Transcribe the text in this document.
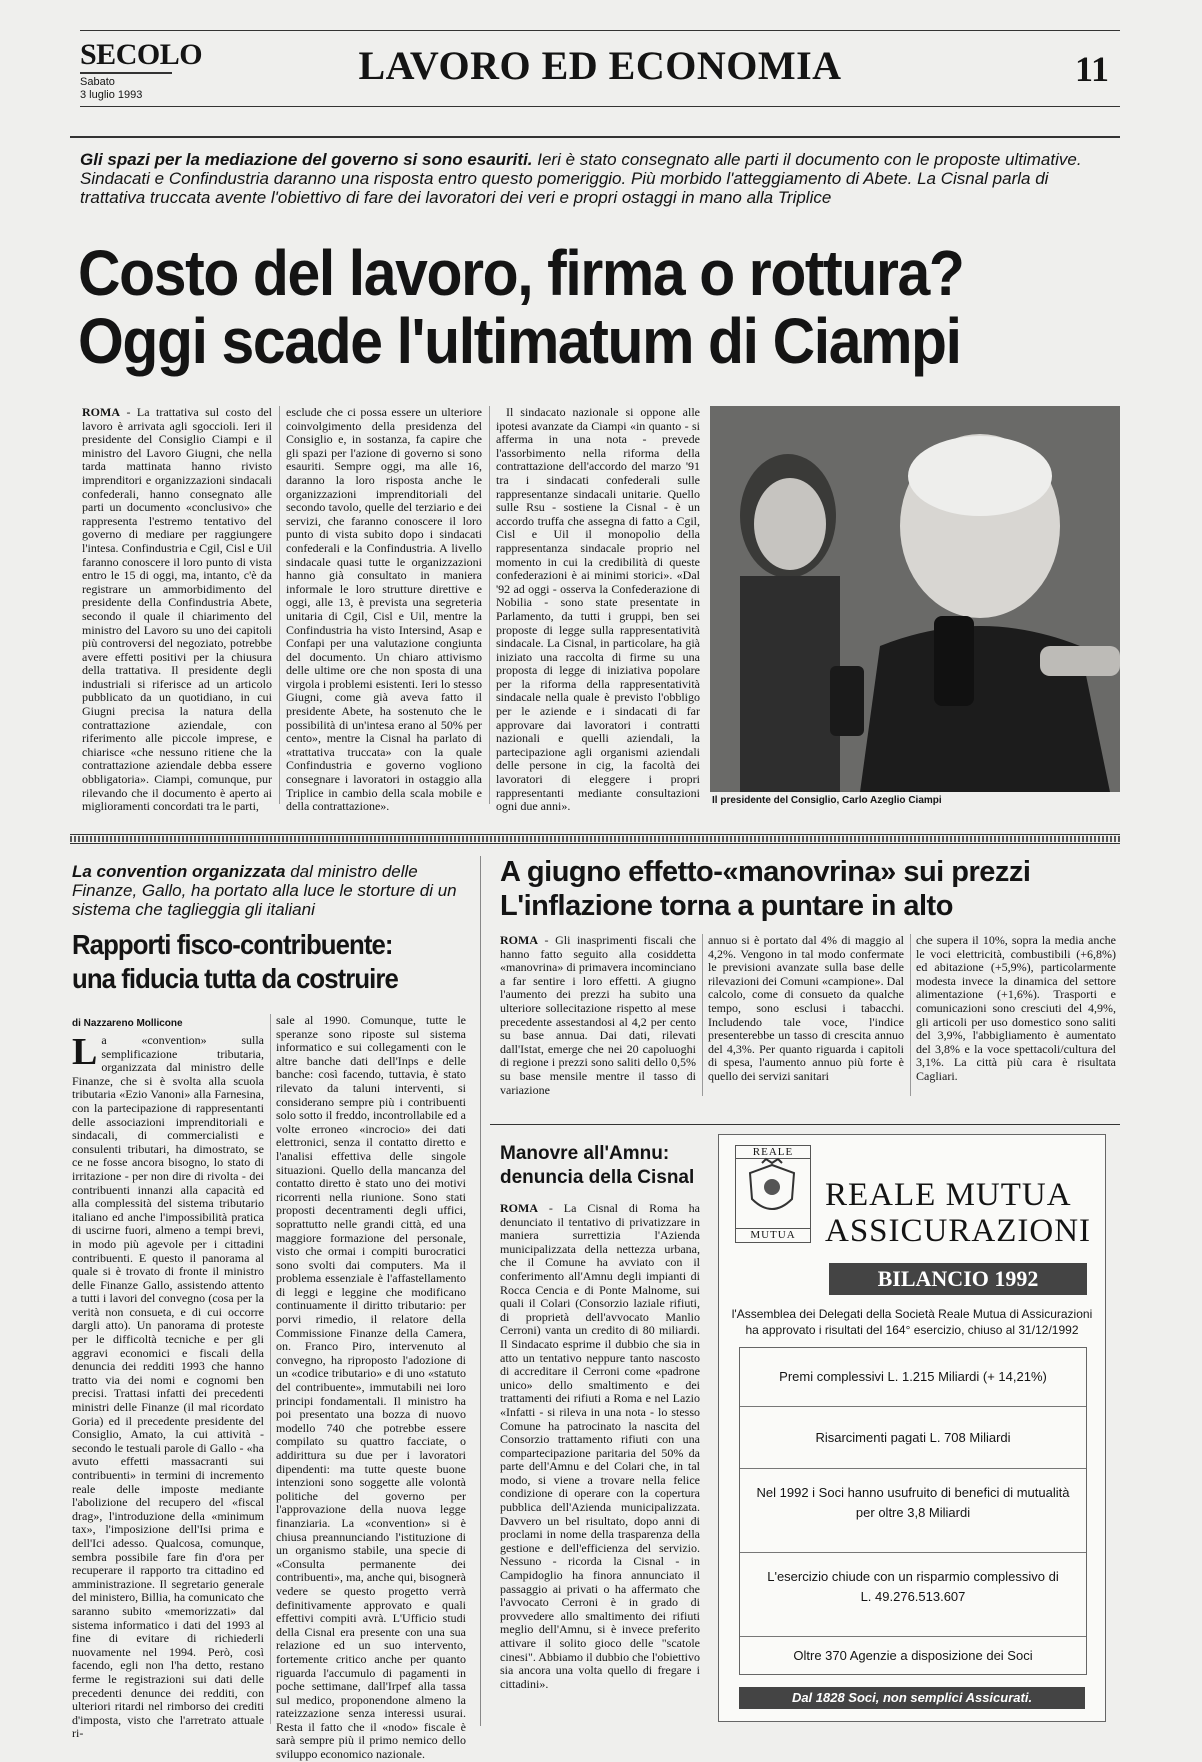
SECOLO
Sabato
3 luglio 1993
LAVORO ED ECONOMIA	11
Gli spazi per la mediazione del governo si sono esauriti. Ieri è stato consegnato alle parti il documento con le proposte ultimative. Sindacati e Confindustria daranno una risposta entro questo pomeriggio. Più morbido l'atteggiamento di Abete. La Cisnal parla di trattativa truccata avente l'obiettivo di fare dei lavoratori dei veri e propri ostaggi in mano alla Triplice
Costo del lavoro, firma o rottura?
Oggi scade l'ultimatum di Ciampi

ROMA - La trattativa sul costo del lavoro è arrivata agli sgoccioli. Ieri il presidente del Consiglio Ciampi e il ministro del Lavoro Giugni, che nella tarda mattinata hanno rivisto imprenditori e organizzazioni sindacali confederali, hanno consegnato alle parti un documento «conclusivo» che rappresenta l'estremo tentativo del governo di mediare per raggiungere l'intesa. Confindustria e Cgil, Cisl e Uil faranno conoscere il loro punto di vista entro le 15 di oggi, ma, intanto, c'è da registrare un ammorbidimento del presidente della Confindustria Abete, secondo il quale il chiarimento del ministro del Lavoro su uno dei capitoli più controversi del negoziato, potrebbe avere effetti positivi per la chiusura della trattativa. Il presidente degli industriali si riferisce ad un articolo pubblicato da un quotidiano, in cui Giugni precisa la natura della contrattazione aziendale, con riferimento alle piccole imprese, e chiarisce «che nessuno ritiene che la contrattazione aziendale debba essere obbligatoria». Ciampi, comunque, pur rilevando che il documento è aperto ai miglioramenti concordati tra le parti,

esclude che ci possa essere un ulteriore coinvolgimento della presidenza del Consiglio e, in sostanza, fa capire che gli spazi per l'azione di governo si sono esauriti. Sempre oggi, ma alle 16, daranno la loro risposta anche le organizzazioni imprenditoriali del secondo tavolo, quelle del terziario e dei servizi, che faranno conoscere il loro punto di vista subito dopo i sindacati confederali e la Confindustria. A livello sindacale quasi tutte le organizzazioni hanno già consultato in maniera informale le loro strutture direttive e oggi, alle 13, è prevista una segreteria unitaria di Cgil, Cisl e Uil, mentre la Confindustria ha visto Intersind, Asap e Confapi per una valutazione congiunta del documento. Un chiaro attivismo delle ultime ore che non sposta di una virgola i problemi esistenti. Ieri lo stesso Giugni, come già aveva fatto il presidente Abete, ha sostenuto che le possibilità di un'intesa erano al 50% per cento», mentre la Cisnal ha parlato di «trattativa truccata» con la quale Confindustria e governo vogliono consegnare i lavoratori in ostaggio alla Triplice in cambio della scala mobile e della contrattazione».

Il sindacato nazionale si oppone alle ipotesi avanzate da Ciampi «in quanto - si afferma in una nota - prevede l'assorbimento nella riforma della contrattazione dell'accordo del marzo '91 tra i sindacati confederali sulle rappresentanze sindacali unitarie. Quello sulle Rsu - sostiene la Cisnal - è un accordo truffa che assegna di fatto a Cgil, Cisl e Uil il monopolio della rappresentanza sindacale proprio nel momento in cui la credibilità di queste confederazioni è ai minimi storici». «Dal '92 ad oggi - osserva la Confederazione di Nobilia - sono state presentate in Parlamento, da tutti i gruppi, ben sei proposte di legge sulla rappresentatività sindacale. La Cisnal, in particolare, ha già iniziato una raccolta di firme su una proposta di legge di iniziativa popolare per la riforma della rappresentatività sindacale nella quale è previsto l'obbligo per le aziende e i sindacati di far approvare dai lavoratori i contratti nazionali e quelli aziendali, la partecipazione agli organismi aziendali delle persone in cig, la facoltà dei lavoratori di eleggere i propri rappresentanti mediante consultazioni ogni due anni».	Il presidente del Consiglio, Carlo Azeglio Ciampi
La convention organizzata dal ministro delle Finanze, Gallo, ha portato alla luce le storture di un sistema che taglieggia gli italiani
Rapporti fisco-contribuente:
una fiducia tutta da costruire
di Nazzareno Mollicone
La «convention» sulla semplificazione tributaria, organizzata dal ministro delle Finanze, che si è svolta alla scuola tributaria «Ezio Vanoni» alla Farnesina, con la partecipazione di rappresentanti delle associazioni imprenditoriali e sindacali, di commercialisti e consulenti tributari, ha dimostrato, se ce ne fosse ancora bisogno, lo stato di irritazione - per non dire di rivolta - dei contribuenti innanzi alla capacità ed alla complessità del sistema tributario italiano ed anche l'impossibilità pratica di uscirne fuori, almeno a tempi brevi, in modo più agevole per i cittadini contribuenti. E questo il panorama al quale si è trovato di fronte il ministro delle Finanze Gallo, assistendo attento a tutti i lavori del convegno (cosa per la verità non consueta, e di cui occorre dargli atto). Un panorama di proteste per le difficoltà tecniche e per gli aggravi economici e fiscali della denuncia dei redditi 1993 che hanno tratto via dei nomi e cognomi ben precisi. Trattasi infatti dei precedenti ministri delle Finanze (il mal ricordato Goria) ed il precedente presidente del Consiglio, Amato, la cui attività - secondo le testuali parole di Gallo - «ha avuto effetti massacranti sui contribuenti» in termini di incremento reale delle imposte mediante l'abolizione del recupero del «fiscal drag», l'introduzione della «minimum tax», l'imposizione dell'Isi prima e dell'Ici adesso. Qualcosa, comunque, sembra possibile fare fin d'ora per recuperare il rapporto tra cittadino ed amministrazione. Il segretario generale del ministero, Billia, ha comunicato che saranno subito «memorizzati» dal sistema informatico i dati del 1993 al fine di evitare di richiederli nuovamente nel 1994. Però, così facendo, egli non l'ha detto, restano ferme le registrazioni sui dati delle precedenti denunce dei redditi, con ulteriori ritardi nel rimborso dei crediti d'imposta, visto che l'arretrato attuale ri-

sale al 1990. Comunque, tutte le speranze sono riposte sul sistema informatico e sui collegamenti con le altre banche dati dell'Inps e delle banche: così facendo, tuttavia, è stato rilevato da taluni interventi, si considerano sempre più i contribuenti solo sotto il freddo, incontrollabile ed a volte erroneo «incrocio» dei dati elettronici, senza il contatto diretto e l'analisi effettiva delle singole situazioni. Quello della mancanza del contatto diretto è stato uno dei motivi ricorrenti nella riunione. Sono stati proposti decentramenti degli uffici, soprattutto nelle grandi città, ed una maggiore formazione del personale, visto che ormai i compiti burocratici sono svolti dai computers. Ma il problema essenziale è l'affastellamento di leggi e leggine che modificano continuamente il diritto tributario: per porvi rimedio, il relatore della Commissione Finanze della Camera, on. Franco Piro, intervenuto al convegno, ha riproposto l'adozione di un «codice tributario» e di uno «statuto del contribuente», immutabili nei loro principi fondamentali. Il ministro ha poi presentato una bozza di nuovo modello 740 che potrebbe essere compilato su quattro facciate, o addirittura su due per i lavoratori dipendenti: ma tutte queste buone intenzioni sono soggette alle volontà politiche del governo per l'approvazione della nuova legge finanziaria. La «convention» si è chiusa preannunciando l'istituzione di un organismo stabile, una specie di «Consulta permanente dei contribuenti», ma, anche qui, bisognerà vedere se questo progetto verrà definitivamente approvato e quali effettivi compiti avrà. L'Ufficio studi della Cisnal era presente con una sua relazione ed un suo intervento, fortemente critico anche per quanto riguarda l'accumulo di pagamenti in poche settimane, dall'Irpef alla tassa sul medico, proponendone almeno la rateizzazione senza interessi usurai. Resta il fatto che il «nodo» fiscale è sarà sempre più il primo nemico dello sviluppo economico nazionale.

A giugno effetto-«manovrina» sui prezzi
L'inflazione torna a puntare in alto

ROMA - Gli inasprimenti fiscali che hanno fatto seguito alla cosiddetta «manovrina» di primavera incominciano a far sentire i loro effetti. A giugno l'aumento dei prezzi ha subito una ulteriore sollecitazione rispetto al mese precedente assestandosi al 4,2 per cento su base annua. Dai dati, rilevati dall'Istat, emerge che nei 20 capoluoghi di regione i prezzi sono saliti dello 0,5% su base mensile mentre il tasso di variazione

annuo si è portato dal 4% di maggio al 4,2%. Vengono in tal modo confermate le previsioni avanzate sulla base delle rilevazioni dei Comuni «campione». Dal calcolo, come di consueto da qualche tempo, sono esclusi i tabacchi. Includendo tale voce, l'indice presenterebbe un tasso di crescita annuo del 4,3%. Per quanto riguarda i capitoli di spesa, l'aumento annuo più forte è quello dei servizi sanitari

che supera il 10%, sopra la media anche le voci elettricità, combustibili (+6,8%) ed abitazione (+5,9%), particolarmente modesta invece la dinamica del settore alimentazione (+1,6%). Trasporti e comunicazioni sono cresciuti del 4,9%, gli articoli per uso domestico sono saliti del 3,9%, l'abbigliamento è aumentato del 3,8% e la voce spettacoli/cultura del 3,1%. La città più cara è risultata Cagliari.

Manovre all'Amnu:
denuncia della Cisnal

ROMA - La Cisnal di Roma ha denunciato il tentativo di privatizzare in maniera surrettizia l'Azienda municipalizzata della nettezza urbana, che il Comune ha avviato con il conferimento all'Amnu degli impianti di Rocca Cencia e di Ponte Malnome, sui quali il Colari (Consorzio laziale rifiuti, di proprietà dell'avvocato Manlio Cerroni) vanta un credito di 80 miliardi. Il Sindacato esprime il dubbio che sia in atto un tentativo neppure tanto nascosto di accreditare il Cerroni come «padrone unico» dello smaltimento e dei trattamenti dei rifiuti a Roma e nel Lazio «Infatti - si rileva in una nota - lo stesso Comune ha patrocinato la nascita del Consorzio trattamento rifiuti con una compartecipazione paritaria del 50% da parte dell'Amnu e del Colari che, in tal modo, si viene a trovare nella felice condizione di operare con la copertura pubblica dell'Azienda municipalizzata. Davvero un bel risultato, dopo anni di proclami in nome della trasparenza della gestione e dell'efficienza del servizio. Nessuno - ricorda la Cisnal - in Campidoglio ha finora annunciato il passaggio ai privati o ha affermato che l'avvocato Cerroni è in grado di provvedere allo smaltimento dei rifiuti meglio dell'Amnu, si è invece preferito attivare il solito gioco delle "scatole cinesi". Abbiamo il dubbio che l'obiettivo sia ancora una volta quello di fregare i cittadini».

REALE
MUTUA
REALE MUTUA
ASSICURAZIONI
BILANCIO 1992
l'Assemblea dei Delegati della Società Reale Mutua di Assicurazioni
ha approvato i risultati del 164° esercizio, chiuso al 31/12/1992
Premi complessivi L. 1.215 Miliardi (+ 14,21%)
Risarcimenti pagati L. 708 Miliardi
Nel 1992 i Soci hanno usufruito di benefici di mutualità
per oltre 3,8 Miliardi
L'esercizio chiude con un risparmio complessivo di
L. 49.276.513.607
Oltre 370 Agenzie a disposizione dei Soci
Dal 1828 Soci, non semplici Assicurati.
